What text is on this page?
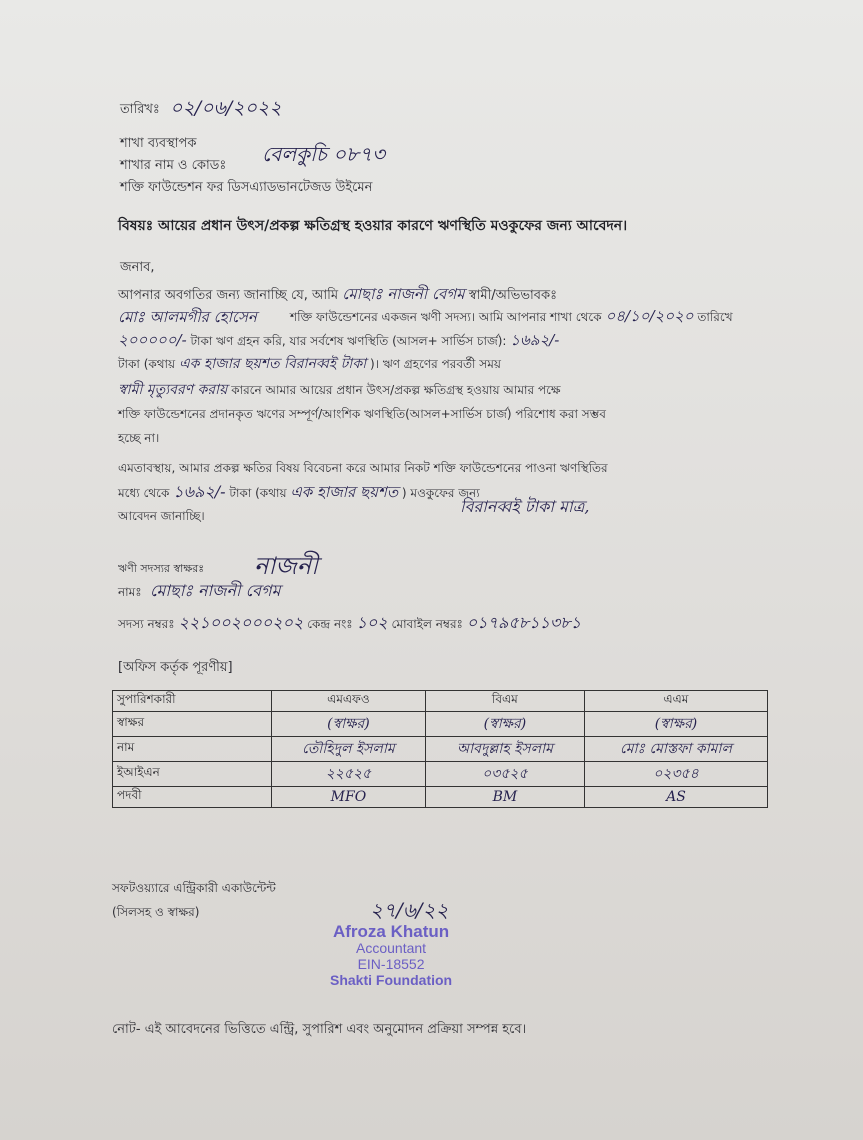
তারিখঃ ০২/০৬/২০২২
শাখা ব্যবস্থাপক
শাখার নাম ও কোডঃ বেলকুচি ০৮৭৩
শক্তি ফাউন্ডেশন ফর ডিসএ্যাডভানটেজড উইমেন
বিষয়ঃ আয়ের প্রধান উৎস/প্রকল্প ক্ষতিগ্রস্থ হওয়ার কারণে ঋণস্থিতি মওকুফের জন্য আবেদন।
জনাব,
আপনার অবগতির জন্য জানাচ্ছি যে, আমি মোছাঃ নাজনী বেগম স্বামী/অভিভাবকঃ
মোঃ আলমগীর হোসেন	শক্তি ফাউন্ডেশনের একজন ঋণী সদস্য। আমি আপনার শাখা থেকে ০৪/১০/২০২০ তারিখে
২০০০০০/- টাকা ঋণ গ্রহন করি, যার সর্বশেষ ঋণস্থিতি (আসল+ সার্ভিস চার্জ): ১৬৯২/-
টাকা (কথায় এক হাজার ছয়শত বিরানব্বই টাকা )। ঋণ গ্রহণের পরবর্তী সময়
স্বামী মৃত্যুবরণ করায় কারনে আমার আয়ের প্রধান উৎস/প্রকল্প ক্ষতিগ্রস্থ হওয়ায় আমার পক্ষে
শক্তি ফাউন্ডেশনের প্রদানকৃত ঋণের সম্পূর্ণ/আংশিক ঋণস্থিতি(আসল+সার্ভিস চার্জ) পরিশোধ করা সম্ভব
হচ্ছে না।
এমতাবস্থায়, আমার প্রকল্প ক্ষতির বিষয় বিবেচনা করে আমার নিকট শক্তি ফাউন্ডেশনের পাওনা ঋণস্থিতির
মধ্যে থেকে ১৬৯২/- টাকা (কথায় এক হাজার ছয়শত ) মওকুফের জন্য
বিরানব্বই টাকা মাত্র,
আবেদন জানাচ্ছি।
ঋণী সদস্যর স্বাক্ষরঃ নাজনী
নামঃ মোছাঃ নাজনী বেগম
সদস্য নম্বরঃ ২২১০০২০০০২০২ কেন্দ্র নংঃ ১০২ মোবাইল নম্বরঃ ০১৭৯৫৮১১৩৮১
[অফিস কর্তৃক পূরণীয়]
সুপারিশকারী	এমএফও	বিএম	এএম
স্বাক্ষর	(স্বাক্ষর)	(স্বাক্ষর)	(স্বাক্ষর)
নাম	তৌহিদুল ইসলাম	আবদুল্লাহ ইসলাম	মোঃ মোস্তফা কামাল
ইআইএন	২২৫২৫	০৩৫২৫	০২৩৫৪
পদবী	MFO	BM	AS
সফটওয়্যারে এন্ট্রিকারী একাউন্টেন্ট
(সিলসহ ও স্বাক্ষর)	২৭/৬/২২
Afroza Khatun
Accountant
EIN-18552
Shakti Foundation
নোট- এই আবেদনের ভিত্তিতে এন্ট্রি, সুপারিশ এবং অনুমোদন প্রক্রিয়া সম্পন্ন হবে।
